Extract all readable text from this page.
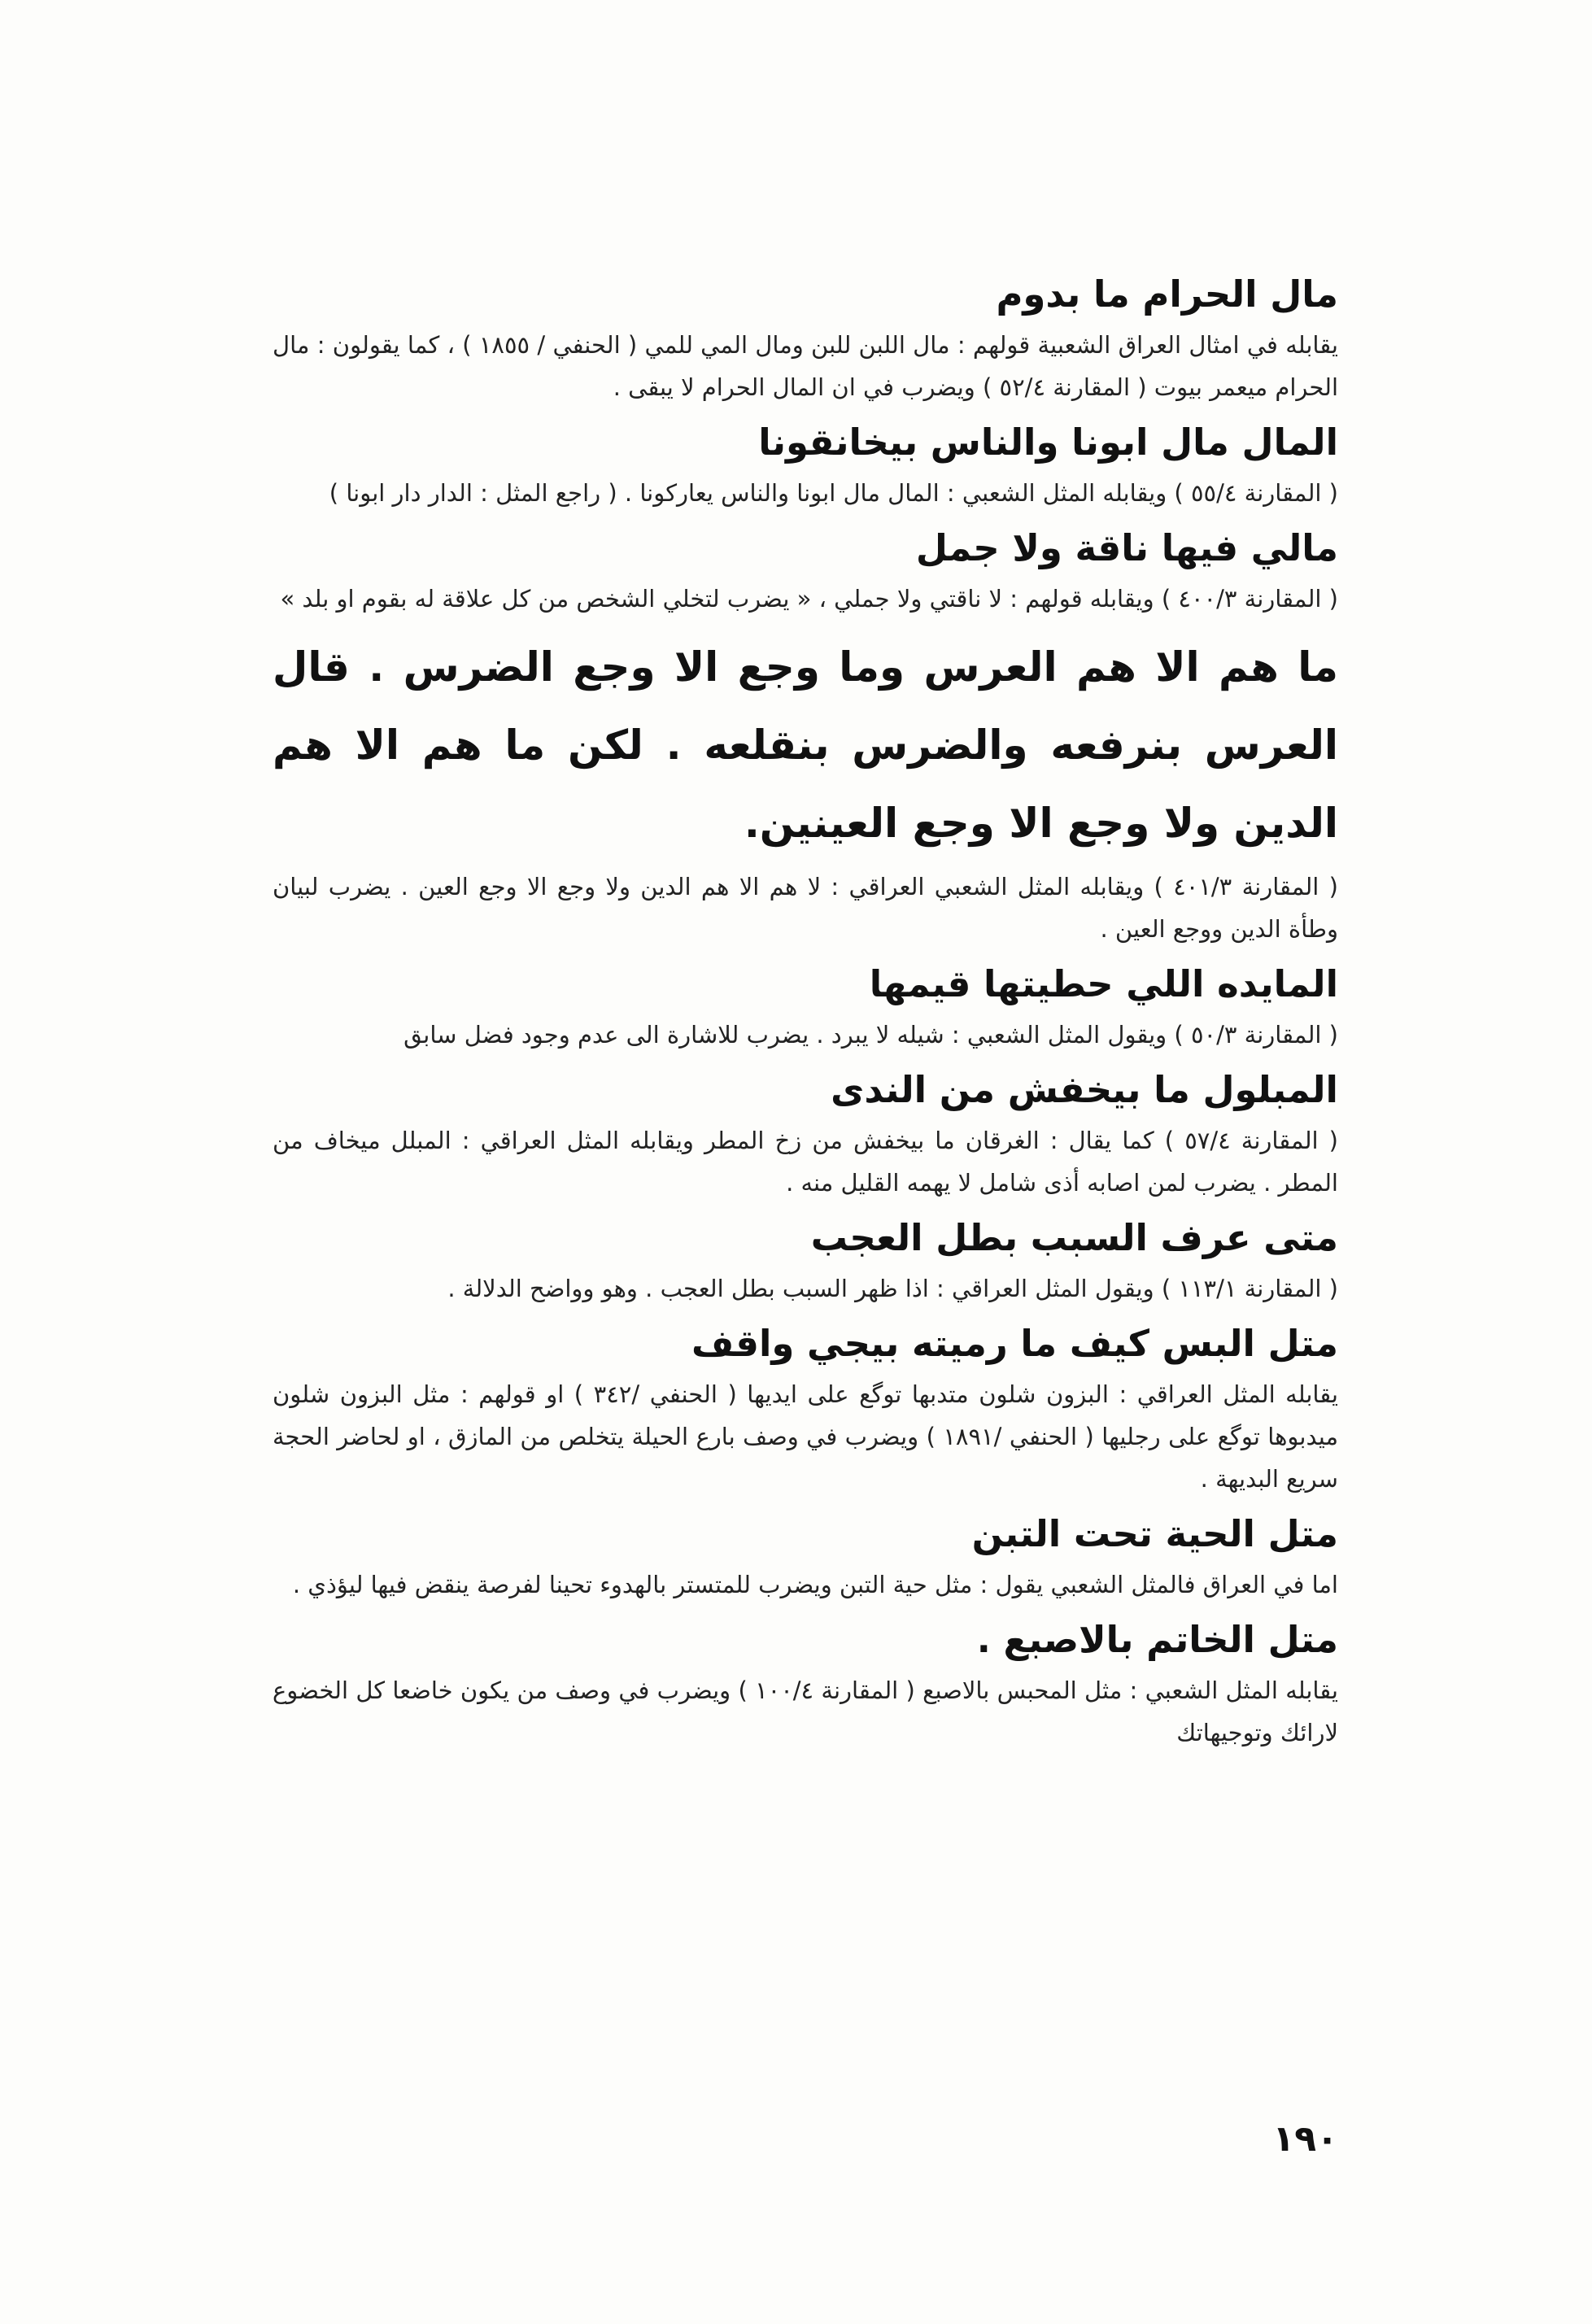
مال الحرام ما بدوم
يقابله في امثال العراق الشعبية قولهم : مال اللبن للبن ومال المي للمي ( الحنفي / ١٨٥٥ ) ، كما يقولون : مال الحرام ميعمر بيوت ( المقارنة ٥٢/٤ ) ويضرب في ان المال الحرام لا يبقى .
المال مال ابونا والناس بيخانقونا
( المقارنة ٥٥/٤ ) ويقابله المثل الشعبي : المال مال ابونا والناس يعاركونا . ( راجع المثل : الدار دار ابونا )
مالي فيها ناقة ولا جمل
( المقارنة ٤٠٠/٣ ) ويقابله قولهم : لا ناقتي ولا جملي ، « يضرب لتخلي الشخص من كل علاقة له بقوم او بلد »
ما هم الا هم العرس وما وجع الا وجع الضرس . قال العرس بنرفعه والضرس بنقلعه . لكن ما هم الا هم الدين ولا وجع الا وجع العينين.
( المقارنة ٤٠١/٣ ) ويقابله المثل الشعبي العراقي : لا هم الا هم الدين ولا وجع الا وجع العين . يضرب لبيان وطأة الدين ووجع العين .
المايده اللي حطيتها قيمها
( المقارنة ٥٠/٣ ) ويقول المثل الشعبي : شيله لا يبرد . يضرب للاشارة الى عدم وجود فضل سابق
المبلول ما بيخفش من الندى
( المقارنة ٥٧/٤ ) كما يقال : الغرقان ما بيخفش من زخ المطر ويقابله المثل العراقي : المبلل ميخاف من المطر . يضرب لمن اصابه أذى شامل لا يهمه القليل منه .
متى عرف السبب بطل العجب
( المقارنة ١١٣/١ ) ويقول المثل العراقي : اذا ظهر السبب بطل العجب . وهو وواضح الدلالة .
متل البس كيف ما رميته بيجي واقف
يقابله المثل العراقي : البزون شلون متدبها توگع على ايديها ( الحنفي /٣٤٢ ) او قولهم : مثل البزون شلون ميدبوها توگع على رجليها ( الحنفي /١٨٩١ ) ويضرب في وصف بارع الحيلة يتخلص من المازق ، او لحاضر الحجة سريع البديهة .
متل الحية تحت التبن
اما في العراق فالمثل الشعبي يقول : مثل حية التبن ويضرب للمتستر بالهدوء تحينا لفرصة ينقض فيها ليؤذي .
متل الخاتم بالاصبع .
يقابله المثل الشعبي : مثل المحبس بالاصبع ( المقارنة ١٠٠/٤ ) ويضرب في وصف من يكون خاضعا كل الخضوع لارائك وتوجيهاتك
١٩٠
